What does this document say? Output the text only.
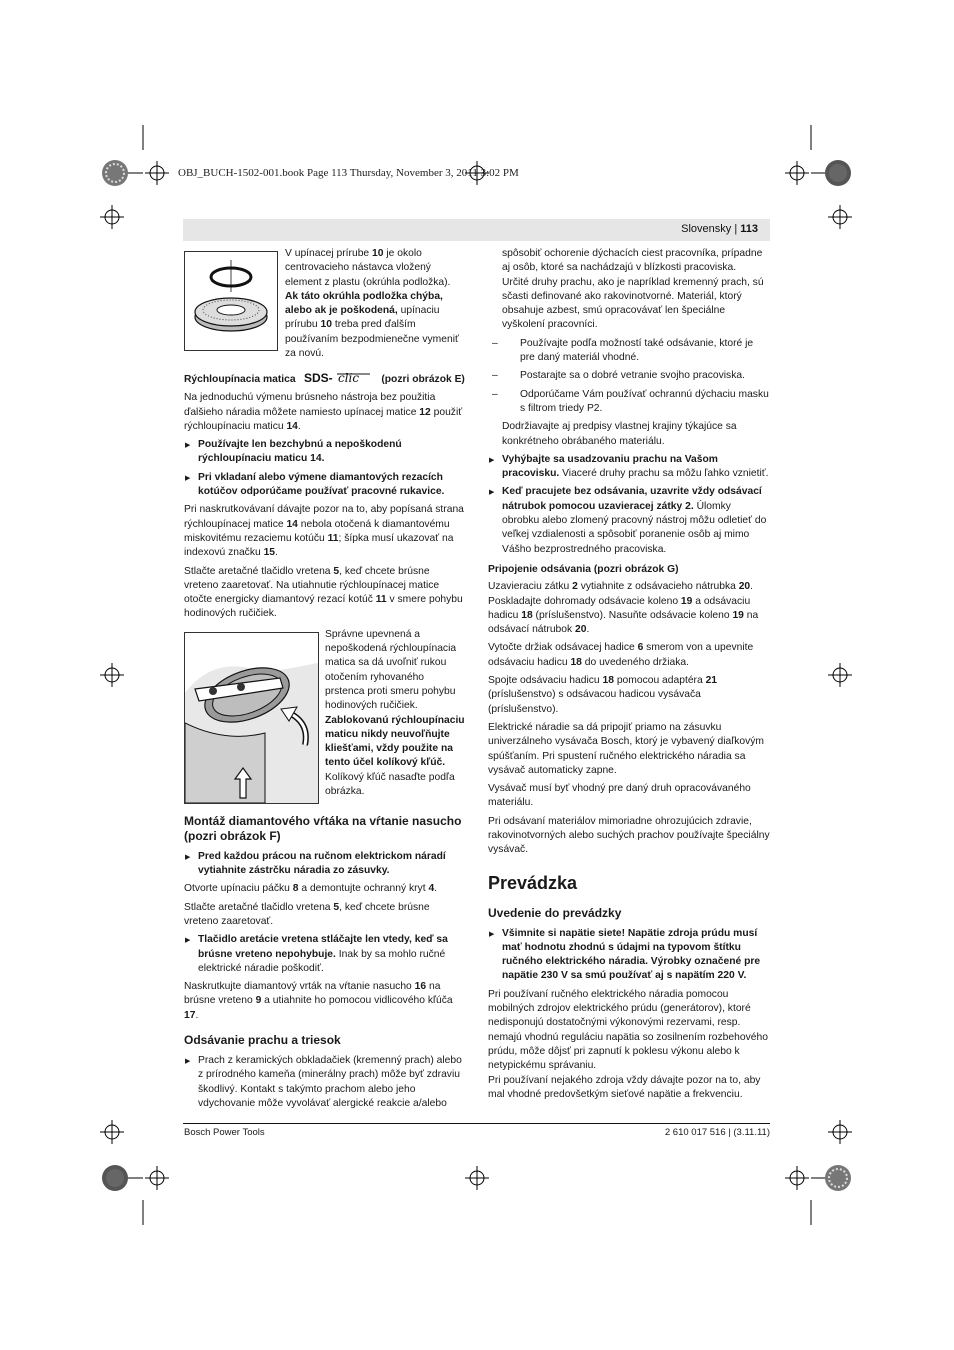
OBJ_BUCH-1502-001.book Page 113 Thursday, November 3, 2011 3:02 PM
Slovensky | 113
V upínacej prírube 10 je okolo centrovacieho nástavca vložený element z plastu (okrúhla podložka). Ak táto okrúhla podložka chýba, alebo ak je poškodená, upínaciu prírubu 10 treba pred ďalším používaním bezpodmienečne vymeniť za novú.

Rýchloupínacia matica SDS- clic (pozri obrázok E)

Na jednoduchú výmenu brúsneho nástroja bez použitia ďalšieho náradia môžete namiesto upínacej matice 12 použiť rýchloupínaciu maticu 14.

▶ Používajte len bezchybnú a nepoškodenú rýchloupínaciu maticu 14.

▶ Pri vkladaní alebo výmene diamantových rezacích kotúčov odporúčame používať pracovné rukavice.

Pri naskrutkovávaní dávajte pozor na to, aby popísaná strana rýchloupínacej matice 14 nebola otočená k diamantovému miskovitému rezaciemu kotúču 11; šípka musí ukazovať na indexovú značku 15.

Stlačte aretačné tlačidlo vretena 5, keď chcete brúsne vreteno zaaretovať. Na utiahnutie rýchloupínacej matice otočte energicky diamantový rezací kotúč 11 v smere pohybu hodinových ručičiek.

Správne upevnená a nepoškodená rýchloupínacia matica sa dá uvoľniť rukou otočením ryhovaného prstenca proti smeru pohybu hodinových ručičiek. Zablokovanú rýchloupínaciu maticu nikdy neuvoľňujte kliešťami, vždy použite na tento účel kolíkový kľúč. Kolíkový kľúč nasaďte podľa obrázka.
Montáž diamantového vŕtáka na vŕtanie nasucho (pozri obrázok F)

▶ Pred každou prácou na ručnom elektrickom náradí vytiahnite zástrčku náradia zo zásuvky.

Otvorte upínaciu páčku 8 a demontujte ochranný kryt 4.

Stlačte aretačné tlačidlo vretena 5, keď chcete brúsne vreteno zaaretovať.

▶ Tlačidlo aretácie vretena stláčajte len vtedy, keď sa brúsne vreteno nepohybuje. Inak by sa mohlo ručné elektrické náradie poškodiť.

Naskrutkujte diamantový vrták na vŕtanie nasucho 16 na brúsne vreteno 9 a utiahnite ho pomocou vidlicového kľúča 17.

Odsávanie prachu a triesok

▶ Prach z keramických obkladačiek (kremenný prach) alebo z prírodného kameňa (minerálny prach) môže byť zdraviu škodlivý. Kontakt s takýmto prachom alebo jeho vdychovanie môže vyvolávať alergické reakcie a/alebo

spôsobiť ochorenie dýchacích ciest pracovníka, prípadne aj osôb, ktoré sa nachádzajú v blízkosti pracoviska.

Určité druhy prachu, ako je napríklad kremenný prach, sú sčasti definované ako rakovinotvorné. Materiál, ktorý obsahuje azbest, smú opracovávať len špeciálne vyškolení pracovníci.

– Používajte podľa možností také odsávanie, ktoré je pre daný materiál vhodné.

– Postarajte sa o dobré vetranie svojho pracoviska.

– Odporúčame Vám používať ochrannú dýchaciu masku s filtrom triedy P2.

Dodržiavajte aj predpisy vlastnej krajiny týkajúce sa konkrétneho obrábaného materiálu.

▶ Vyhýbajte sa usadzovaniu prachu na Vašom pracovisku. Viaceré druhy prachu sa môžu ľahko vznietiť.

▶ Keď pracujete bez odsávania, uzavrite vždy odsávací nátrubok pomocou uzavieracej zátky 2. Úlomky obrobku alebo zlomený pracovný nástroj môžu odletieť do veľkej vzdialenosti a spôsobiť poranenie osôb aj mimo Vášho bezprostredného pracoviska.

Pripojenie odsávania (pozri obrázok G)

Uzavieraciu zátku 2 vytiahnite z odsávacieho nátrubka 20. Poskladajte dohromady odsávacie koleno 19 a odsávaciu hadicu 18 (príslušenstvo). Nasuňte odsávacie koleno 19 na odsávací nátrubok 20.

Vytočte držiak odsávacej hadice 6 smerom von a upevnite odsávaciu hadicu 18 do uvedeného držiaka.

Spojte odsávaciu hadicu 18 pomocou adaptéra 21 (príslušenstvo) s odsávacou hadicou vysávača (príslušenstvo).

Elektrické náradie sa dá pripojiť priamo na zásuvku univerzálneho vysávača Bosch, ktorý je vybavený diaľkovým spúšťaním. Pri spustení ručného elektrického náradia sa vysávač automaticky zapne.

Vysávač musí byť vhodný pre daný druh opracovávaného materiálu.

Pri odsávaní materiálov mimoriadne ohrozujúcich zdravie, rakovinotvorných alebo suchých prachov používajte špeciálny vysávač.

Prevádzka
Uvedenie do prevádzky

▶ Všimnite si napätie siete! Napätie zdroja prúdu musí mať hodnotu zhodnú s údajmi na typovom štítku ručného elektrického náradia. Výrobky označené pre napätie 230 V sa smú používať aj s napätím 220 V.

Pri používaní ručného elektrického náradia pomocou mobilných zdrojov elektrického prúdu (generátorov), ktoré nedisponujú dostatočnými výkonovými rezervami, resp. nemajú vhodnú reguláciu napätia so zosilnením rozbehového prúdu, môže dôjsť pri zapnutí k poklesu výkonu alebo k netypickému správaniu.

Pri používaní nejakého zdroja vždy dávajte pozor na to, aby mal vhodné predovšetkým sieťové napätie a frekvenciu.

Bosch Power Tools	2 610 017 516 | (3.11.11)
